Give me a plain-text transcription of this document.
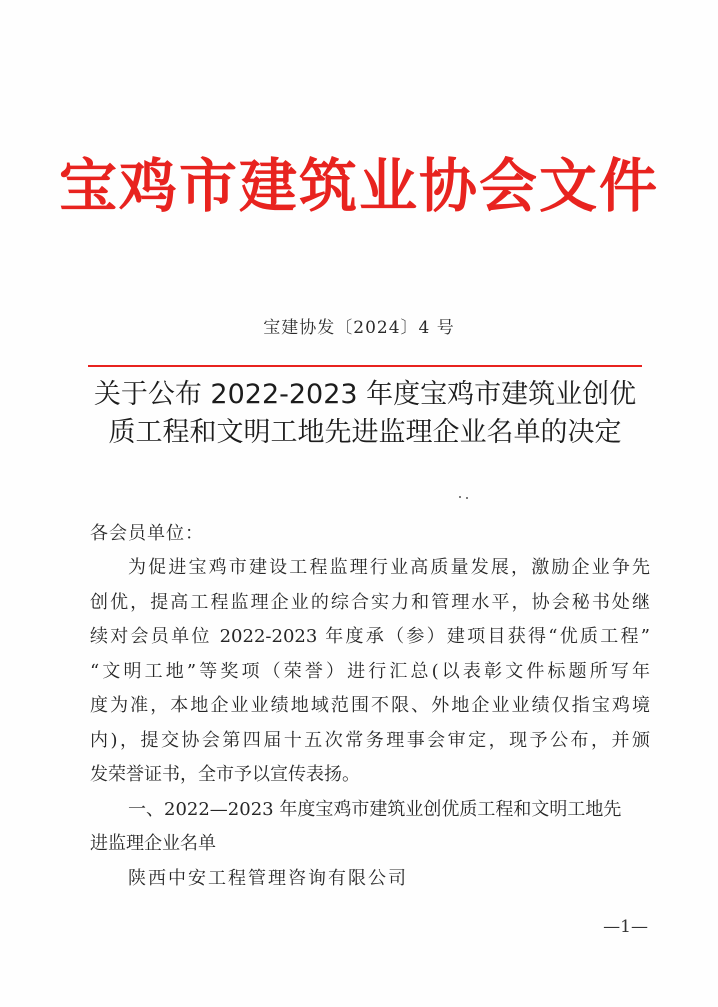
宝鸡市建筑业协会文件
宝建协发〔2024〕4 号
关于公布 2022-2023 年度宝鸡市建筑业创优
质工程和文明工地先进监理企业名单的决定
各会员单位：
为促进宝鸡市建设工程监理行业高质量发展，激励企业争先
创优，提高工程监理企业的综合实力和管理水平，协会秘书处继
续对会员单位 2022-2023 年度承（参）建项目获得“优质工程”
“文明工地”等奖项（荣誉）进行汇总(以表彰文件标题所写年
度为准，本地企业业绩地域范围不限、外地企业业绩仅指宝鸡境
内)，提交协会第四届十五次常务理事会审定，现予公布，并颁
发荣誉证书，全市予以宣传表扬。
一、2022—2023 年度宝鸡市建筑业创优质工程和文明工地先
进监理企业名单
陕西中安工程管理咨询有限公司
—1—
